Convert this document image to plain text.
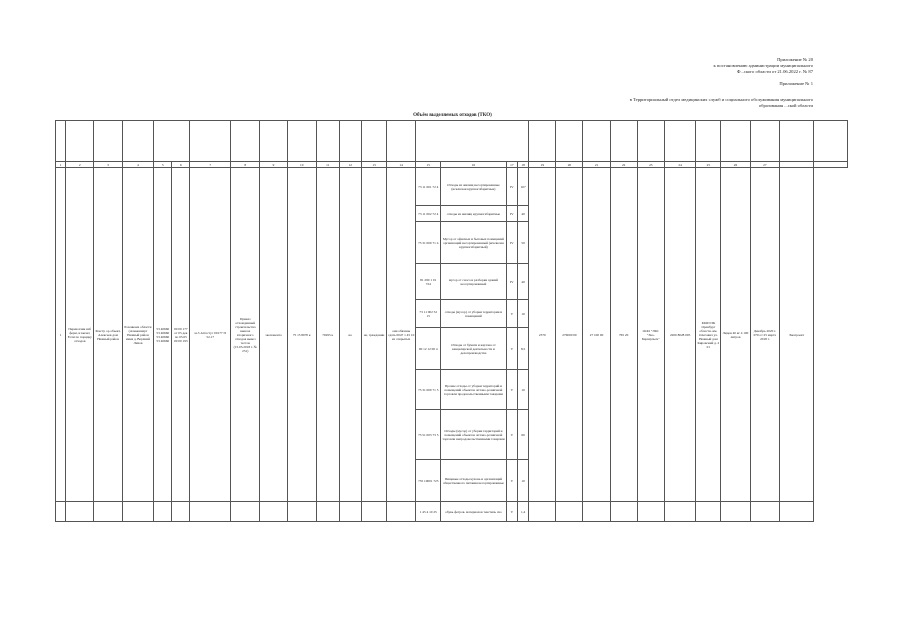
Приложение № 20
к постановлению администрации муниципального
Ф...ского области от 21.06.2022 г. № 87
Приложение № 1
в Территориальный отдел медицинских служб и социального обслуживания муниципального
образования ...ской области
Объём выделяемых отходов (ТКО)

1	2	3	4	5	6	7	8	9	10	11	12	13	14	15	16	17	18	19	20	21	22	23	24	25	26	27		
1	Перевозчик наб ферм, и вычет, Если по порядку отходов	Реестр ор объект, Алексеев дом Нежный район	Розенкома области (Альменнарт Нежный район имея д. Верхний Лихов	53 40660 53 40660 53 40660 53 40660	00 00 177 от 05 дек по 05.05 00 00 193	м-3 Аттестус 00177 П 52.17	Приказ отхожденный строительства вывоза вторичного отходов вывоз тестов (15.03.2018 г. № 251)	экопонента	75 15 8070 к	70295 к	но	на, гражданин	они обязаны сдать 0047 1 45 10 из открытых	73 11 001 72 4	Отходы из жилищ несортированные (исключая крупногабаритные)	IV	107	2370	276000 00	27 100 00	765 20	ООО "ЭКС "Эко-Барнаульск"	2200 8028 005	МОП ПК Оренбург областн. им. Олегович ул. Нежный дом Кировский д. 2 01	Лиден 40 кг 4 100 литров	Декабрь 2020 г. 070 от 25 марта 2018 г.	Экопроект	
														73 11 002 72 4	отходы из жилищ крупногабаритные	IV	40											
														73 31 000 71 4	Мусор от офисных и бытовых помещений организаций несортированный (исключая крупногабаритный)	IV	50											
														81 290 1 01 724	мусор от сноса и разборки зданий несортированный	IV	40											
														73 11 002 52 15	отходы (мусор) от уборки территории и помещений	V	10											
														00 12 12 00 4	Отходы от бумаги и картона от канцелярской деятельности и делопроизводства	V	8,5											
														73 31 000 71 5	Прочие отходы от уборки территорий и помещений объектов оптово-розничной торговли продовольственными товарами	V	10											
														73 51 003 73 5	Отходы (мусор) от уборки территорий и помещений объектов оптово-розничной торговли непродовольственными товарами	V	60											
														735 10001 725	Пищевые отходы кухонь и организаций общественного питания несортированные	V	10											
														1 45 4 10 25	обувь фетров. материалов текстиль сво	V	1,4											
